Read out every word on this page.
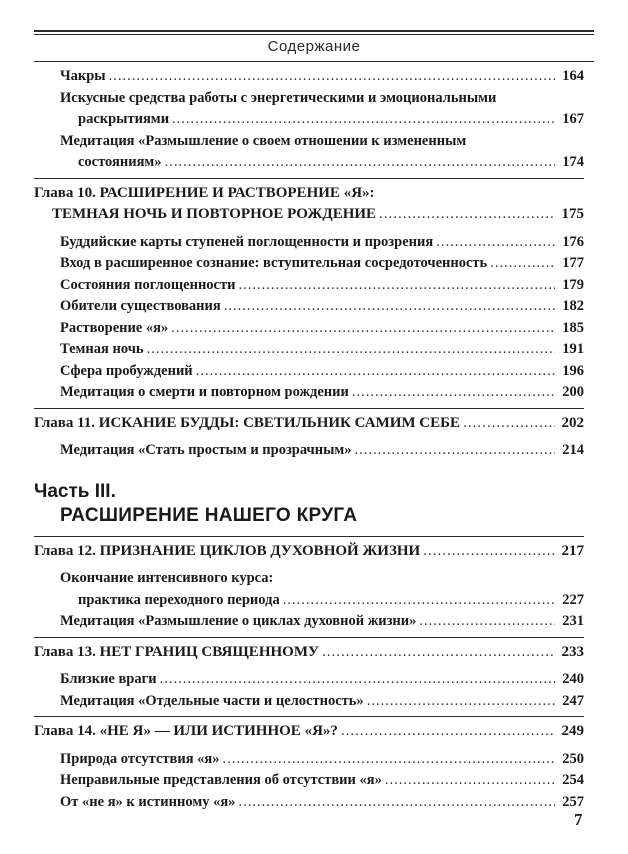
Содержание
Чакры .....	164
Искусные средства работы с энергетическими и эмоциональными
раскрытиями .....	167
Медитация «Размышление о своем отношении к измененным
состояниям» .....	174
Глава 10. РАСШИРЕНИЕ И РАСТВОРЕНИЕ «Я»:
ТЕМНАЯ НОЧЬ И ПОВТОРНОЕ РОЖДЕНИЕ .....	175
Буддийские карты ступеней поглощенности и прозрения .....	176
Вход в расширенное сознание: вступительная сосредоточенность .....	177
Состояния поглощенности .....	179
Обители существования .....	182
Растворение «я» .....	185
Темная ночь .....	191
Сфера пробуждений .....	196
Медитация о смерти и повторном рождении .....	200
Глава 11. ИСКАНИЕ БУДДЫ: СВЕТИЛЬНИК САМИМ СЕБЕ .....	202
Медитация «Стать простым и прозрачным» .....	214
Часть III.
РАСШИРЕНИЕ НАШЕГО КРУГА
Глава 12. ПРИЗНАНИЕ ЦИКЛОВ ДУХОВНОЙ ЖИЗНИ .....	217
Окончание интенсивного курса:
практика переходного периода .....	227
Медитация «Размышление о циклах духовной жизни» .....	231
Глава 13. НЕТ ГРАНИЦ СВЯЩЕННОМУ .....	233
Близкие враги .....	240
Медитация «Отдельные части и целостность» .....	247
Глава 14. «НЕ Я» — ИЛИ ИСТИННОЕ «Я»? .....	249
Природа отсутствия «я» .....	250
Неправильные представления об отсутствии «я» .....	254
От «не я» к истинному «я» .....	257
7
